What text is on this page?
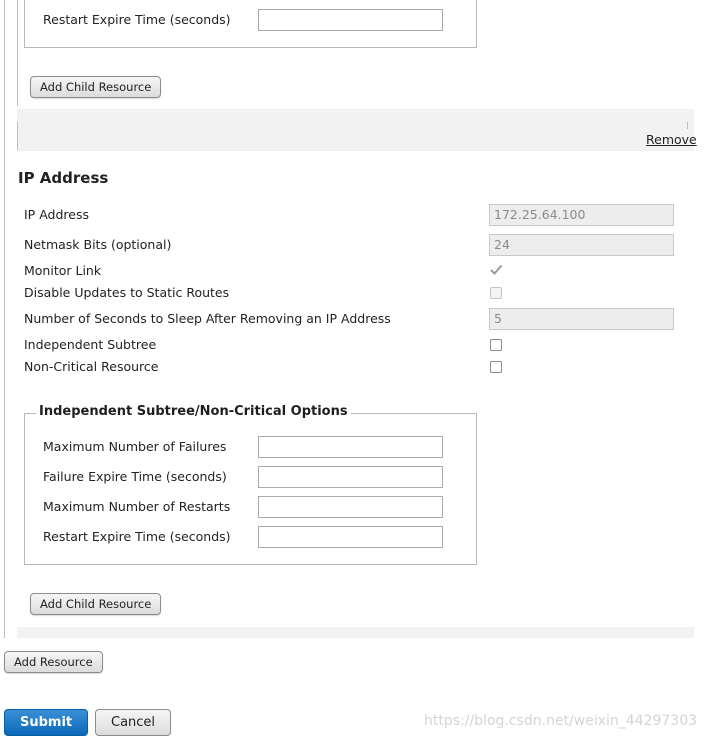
Restart Expire Time (seconds)
Add Child Resource
Remove
IP Address
IP Address	172.25.64.100
Netmask Bits (optional)	24
Monitor Link
Disable Updates to Static Routes
Number of Seconds to Sleep After Removing an IP Address	5
Independent Subtree
Non-Critical Resource
Independent Subtree/Non-Critical Options
Maximum Number of Failures
Failure Expire Time (seconds)
Maximum Number of Restarts
Restart Expire Time (seconds)
Add Child Resource
Add Resource
Submit	Cancel	https://blog.csdn.net/weixin_44297303
